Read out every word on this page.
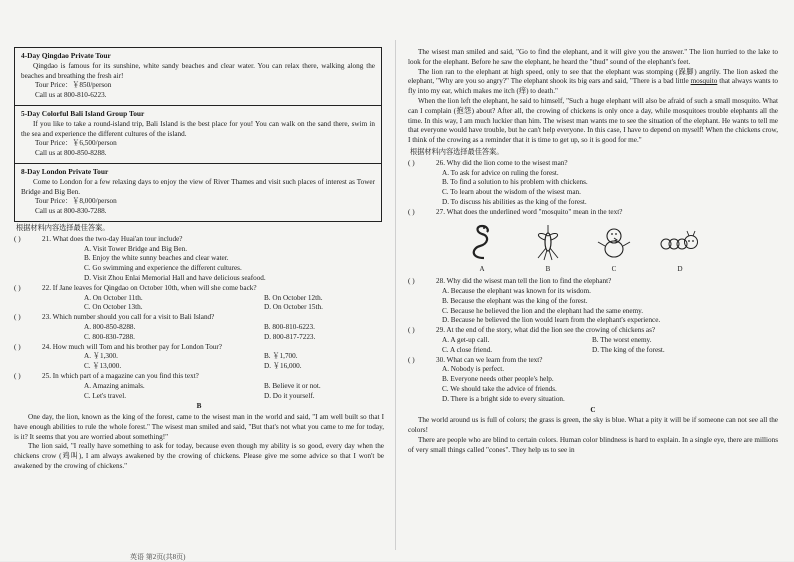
4-Day Qingdao Private Tour

Qingdao is famous for its sunshine, white sandy beaches and clear water. You can relax there, walking along the beaches and breathing the fresh air!

Tour Price：￥850/person
Call us at 800-810-6223.
5-Day Colorful Bali Island Group Tour

If you like to take a round-island trip, Bali Island is the best place for you! You can walk on the sand there, swim in the sea and experience the different cultures of the island.

Tour Price：￥6,500/person
Call us at 800-850-8288.
8-Day London Private Tour

Come to London for a few relaxing days to enjoy the view of River Thames and visit such places of interest as Tower Bridge and Big Ben.

Tour Price：￥8,000/person
Call us at 800-830-7288.
根据材料内容选择最佳答案。
( )	21. What does the two-day Huai'an tour include?
A. Visit Tower Bridge and Big Ben.
B. Enjoy the white sunny beaches and clear water.
C. Go swimming and experience the different cultures.
D. Visit Zhou Enlai Memorial Hall and have delicious seafood.
( )	22. If Jane leaves for Qingdao on October 10th, when will she come back?
A. On October 11th.	B. On October 12th.
C. On October 13th.	D. On October 15th.
( )	23. Which number should you call for a visit to Bali Island?
A. 800-850-8288.	B. 800-810-6223.
C. 800-830-7288.	D. 800-817-7223.
( )	24. How much will Tom and his brother pay for London Tour?
A. ￥1,300.	B. ￥1,700.
C. ￥13,000.	D. ￥16,000.
( )	25. In which part of a magazine can you find this text?
A. Amazing animals.	B. Believe it or not.
C. Let's travel.	D. Do it yourself.
B

One day, the lion, known as the king of the forest, came to the wisest man in the world and said, "I am well built so that I have enough abilities to rule the whole forest." The wisest man smiled and said, "But that's not what you came to me for today, is it? It seems that you are worried about something!"

The lion said, "I really have something to ask for today, because even though my ability is so good, every day when the chickens crow (鸡叫), I am always awakened by the crowing of chickens. Please give me some advice so that I won't be awakened by the crowing of chickens."

The wisest man smiled and said, "Go to find the elephant, and it will give you the answer." The lion hurried to the lake to look for the elephant. Before he saw the elephant, he heard the "thud" sound of the elephant's feet.

The lion ran to the elephant at high speed, only to see that the elephant was stomping (跺脚) angrily. The lion asked the elephant, "Why are you so angry?" The elephant shook its big ears and said, "There is a bad little mosquito that always wants to fly into my ear, which makes me itch (痒) to death."

When the lion left the elephant, he said to himself, "Such a huge elephant will also be afraid of such a small mosquito. What can I complain (抱怨) about? After all, the crowing of chickens is only once a day, while mosquitoes trouble elephants all the time. In this way, I am much luckier than him. The wisest man wants me to see the situation of the elephant. He wants to tell me that everyone would have trouble, but he can't help everyone. In this case, I have to depend on myself! When the chickens crow, I think of the crowing as a reminder that it is time to get up, so it is good for me."

根据材料内容选择最佳答案。
( )	26. Why did the lion come to the wisest man?
A. To ask for advice on ruling the forest.
B. To find a solution to his problem with chickens.
C. To learn about the wisdom of the wisest man.
D. To discuss his abilities as the king of the forest.
( )	27. What does the underlined word "mosquito" mean in the text?
A	B	C	D
( )	28. Why did the wisest man tell the lion to find the elephant?
A. Because the elephant was known for its wisdom.
B. Because the elephant was the king of the forest.
C. Because he believed the lion and the elephant had the same enemy.
D. Because he believed the lion would learn from the elephant's experience.
( )	29. At the end of the story, what did the lion see the crowing of chickens as?
A. A get-up call.	B. The worst enemy.
C. A close friend.	D. The king of the forest.
( )	30. What can we learn from the text?
A. Nobody is perfect.
B. Everyone needs other people's help.
C. We should take the advice of friends.
D. There is a bright side to every situation.
C

The world around us is full of colors; the grass is green, the sky is blue. What a pity it will be if someone can not see all the colors!

There are people who are blind to certain colors. Human color blindness is hard to explain. In a single eye, there are millions of very small things called "cones". They help us to see in

英语 第2页(共8页)
